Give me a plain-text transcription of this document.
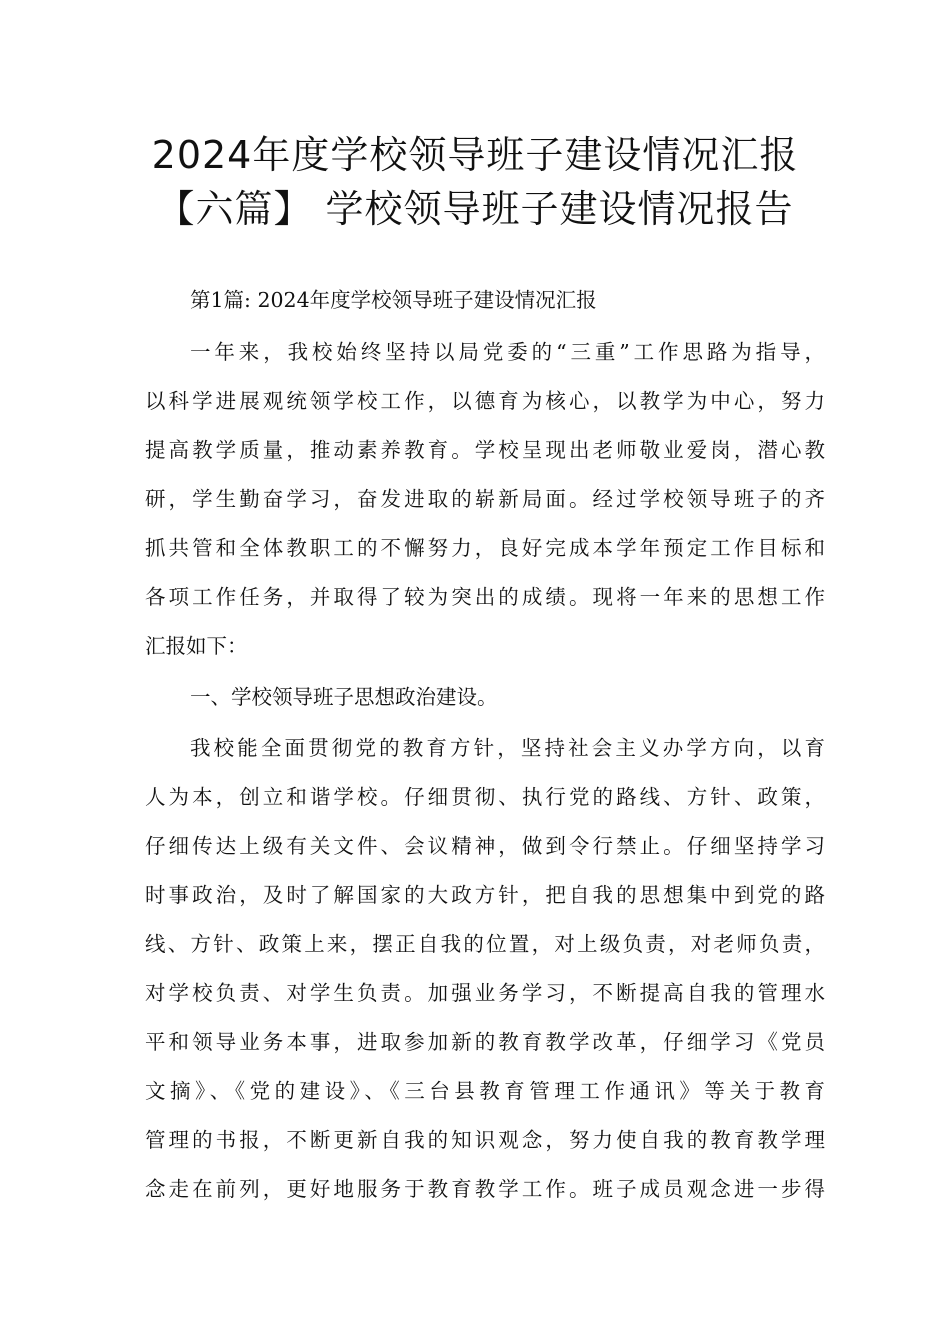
2024年度学校领导班子建设情况汇报
【六篇】 学校领导班子建设情况报告
第1篇: 2024年度学校领导班子建设情况汇报
一年来，我校始终坚持以局党委的“三重”工作思路为指导，
以科学进展观统领学校工作，以德育为核心，以教学为中心，努力
提高教学质量，推动素养教育。学校呈现出老师敬业爱岗，潜心教
研，学生勤奋学习，奋发进取的崭新局面。经过学校领导班子的齐
抓共管和全体教职工的不懈努力，良好完成本学年预定工作目标和
各项工作任务，并取得了较为突出的成绩。现将一年来的思想工作
汇报如下：
一、学校领导班子思想政治建设。
我校能全面贯彻党的教育方针，坚持社会主义办学方向，以育
人为本，创立和谐学校。仔细贯彻、执行党的路线、方针、政策，
仔细传达上级有关文件、会议精神，做到令行禁止。仔细坚持学习
时事政治，及时了解国家的大政方针，把自我的思想集中到党的路
线、方针、政策上来，摆正自我的位置，对上级负责，对老师负责，
对学校负责、对学生负责。加强业务学习，不断提高自我的管理水
平和领导业务本事，进取参加新的教育教学改革，仔细学习《党员
文摘》、《党的建设》、《三台县教育管理工作通讯》等关于教育
管理的书报，不断更新自我的知识观念，努力使自我的教育教学理
念走在前列，更好地服务于教育教学工作。班子成员观念进一步得
